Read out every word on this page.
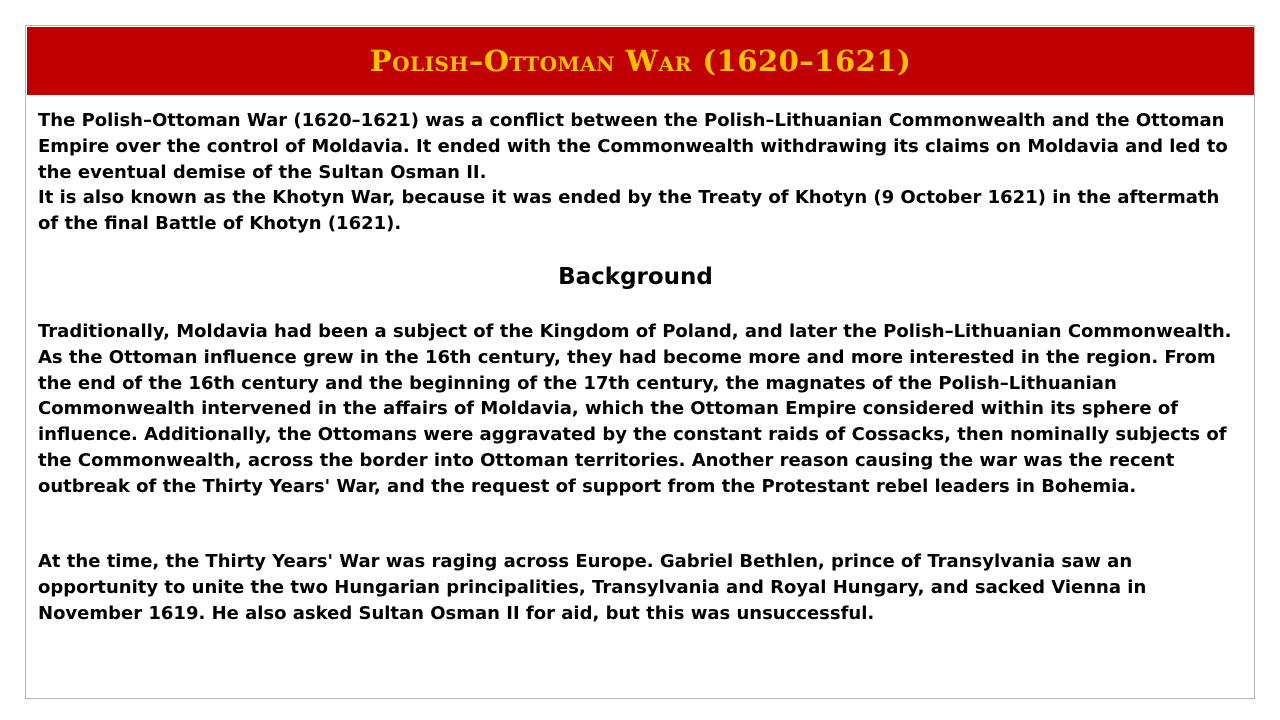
Polish–Ottoman War (1620–1621)
The Polish–Ottoman War (1620–1621) was a conflict between the Polish–Lithuanian Commonwealth and the Ottoman Empire over the control of Moldavia. It ended with the Commonwealth withdrawing its claims on Moldavia and led to the eventual demise of the Sultan Osman II.
It is also known as the Khotyn War, because it was ended by the Treaty of Khotyn (9 October 1621) in the aftermath of the final Battle of Khotyn (1621).
Background

Traditionally, Moldavia had been a subject of the Kingdom of Poland, and later the Polish–Lithuanian Commonwealth. As the Ottoman influence grew in the 16th century, they had become more and more interested in the region. From the end of the 16th century and the beginning of the 17th century, the magnates of the Polish–Lithuanian Commonwealth intervened in the affairs of Moldavia, which the Ottoman Empire considered within its sphere of influence. Additionally, the Ottomans were aggravated by the constant raids of Cossacks, then nominally subjects of the Commonwealth, across the border into Ottoman territories. Another reason causing the war was the recent outbreak of the Thirty Years' War, and the request of support from the Protestant rebel leaders in Bohemia.

At the time, the Thirty Years' War was raging across Europe. Gabriel Bethlen, prince of Transylvania saw an opportunity to unite the two Hungarian principalities, Transylvania and Royal Hungary, and sacked Vienna in November 1619. He also asked Sultan Osman II for aid, but this was unsuccessful.
